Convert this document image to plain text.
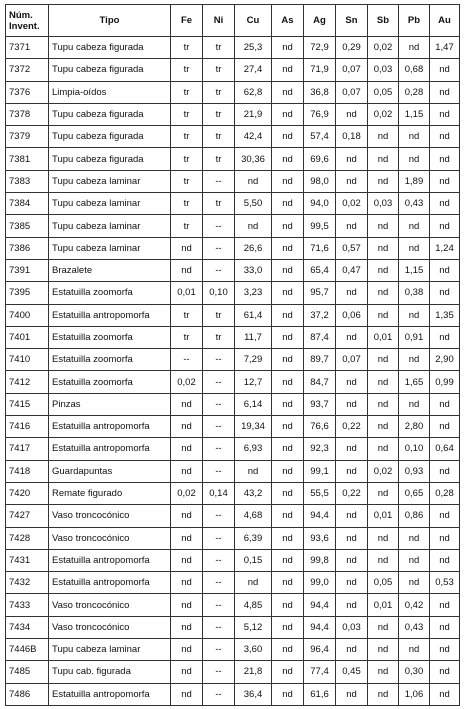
Núm.
Invent.	Tipo	Fe	Ni	Cu	As	Ag	Sn	Sb	Pb	Au
7371	Tupu cabeza figurada	tr	tr	25,3	nd	72,9	0,29	0,02	nd	1,47
7372	Tupu cabeza figurada	tr	tr	27,4	nd	71,9	0,07	0,03	0,68	nd
7376	Limpia-oídos	tr	tr	62,8	nd	36,8	0,07	0,05	0,28	nd
7378	Tupu cabeza figurada	tr	tr	21,9	nd	76,9	nd	0,02	1,15	nd
7379	Tupu cabeza figurada	tr	tr	42,4	nd	57,4	0,18	nd	nd	nd
7381	Tupu cabeza figurada	tr	tr	30,36	nd	69,6	nd	nd	nd	nd
7383	Tupu cabeza laminar	tr	--	nd	nd	98,0	nd	nd	1,89	nd
7384	Tupu cabeza laminar	tr	tr	5,50	nd	94,0	0,02	0,03	0,43	nd
7385	Tupu cabeza laminar	tr	--	nd	nd	99,5	nd	nd	nd	nd
7386	Tupu cabeza laminar	nd	--	26,6	nd	71,6	0,57	nd	nd	1,24
7391	Brazalete	nd	--	33,0	nd	65,4	0,47	nd	1,15	nd
7395	Estatuilla zoomorfa	0,01	0,10	3,23	nd	95,7	nd	nd	0,38	nd
7400	Estatuilla antropomorfa	tr	tr	61,4	nd	37,2	0,06	nd	nd	1,35
7401	Estatuilla zoomorfa	tr	tr	11,7	nd	87,4	nd	0,01	0,91	nd
7410	Estatuilla zoomorfa	--	--	7,29	nd	89,7	0,07	nd	nd	2,90
7412	Estatuilla zoomorfa	0,02	--	12,7	nd	84,7	nd	nd	1,65	0,99
7415	Pinzas	nd	--	6,14	nd	93,7	nd	nd	nd	nd
7416	Estatuilla antropomorfa	nd	--	19,34	nd	76,6	0,22	nd	2,80	nd
7417	Estatuilla antropomorfa	nd	--	6,93	nd	92,3	nd	nd	0,10	0,64
7418	Guardapuntas	nd	--	nd	nd	99,1	nd	0,02	0,93	nd
7420	Remate figurado	0,02	0,14	43,2	nd	55,5	0,22	nd	0,65	0,28
7427	Vaso troncocónico	nd	--	4,68	nd	94,4	nd	0,01	0,86	nd
7428	Vaso troncocónico	nd	--	6,39	nd	93,6	nd	nd	nd	nd
7431	Estatuilla antropomorfa	nd	--	0,15	nd	99,8	nd	nd	nd	nd
7432	Estatuilla antropomorfa	nd	--	nd	nd	99,0	nd	0,05	nd	0,53
7433	Vaso troncocónico	nd	--	4,85	nd	94,4	nd	0,01	0,42	nd
7434	Vaso troncocónico	nd	--	5,12	nd	94,4	0,03	nd	0,43	nd
7446B	Tupu cabeza laminar	nd	--	3,60	nd	96,4	nd	nd	nd	nd
7485	Tupu cab. figurada	nd	--	21,8	nd	77,4	0,45	nd	0,30	nd
7486	Estatuilla antropomorfa	nd	--	36,4	nd	61,6	nd	nd	1,06	nd
